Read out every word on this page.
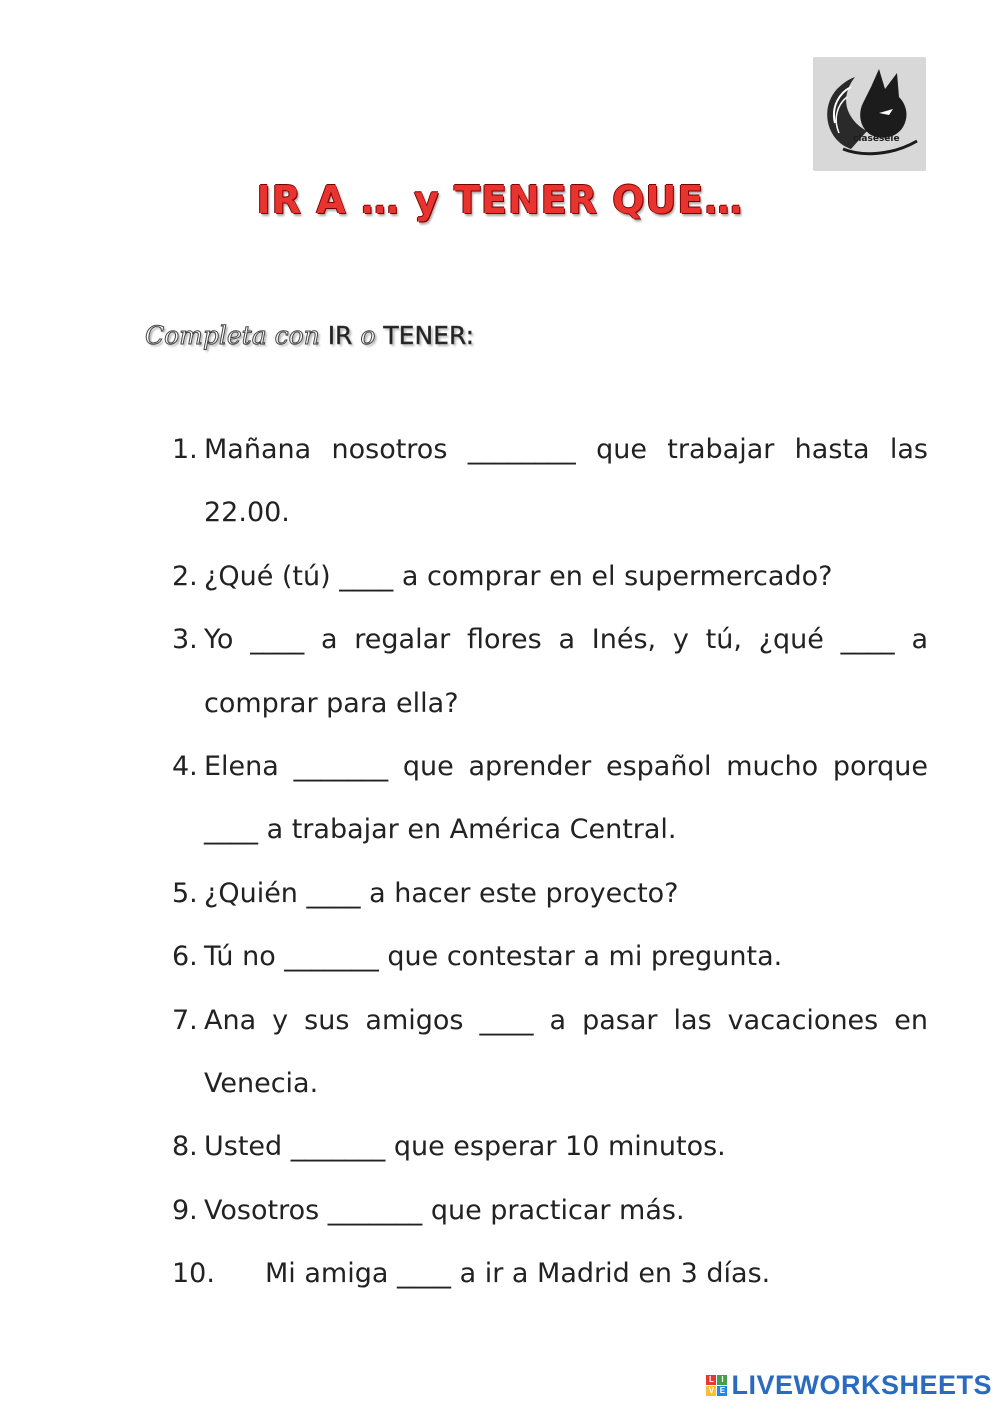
clasesele
IR A … y TENER QUE…
Completa con IR o TENER:
1. Mañana nosotros ________ que trabajar hasta las 22.00.
2. ¿Qué (tú) ____ a comprar en el supermercado?
3. Yo ____ a regalar flores a Inés, y tú, ¿qué ____ a comprar para ella?
4. Elena _______ que aprender español mucho porque ____ a trabajar en América Central.
5. ¿Quién ____ a hacer este proyecto?
6. Tú no _______ que contestar a mi pregunta.
7. Ana y sus amigos ____ a pasar las vacaciones en Venecia.
8. Usted _______ que esperar 10 minutos.
9. Vosotros _______ que practicar más.
10. Mi amiga ____ a ir a Madrid en 3 días.
L I
V E LIVEWORKSHEETS
